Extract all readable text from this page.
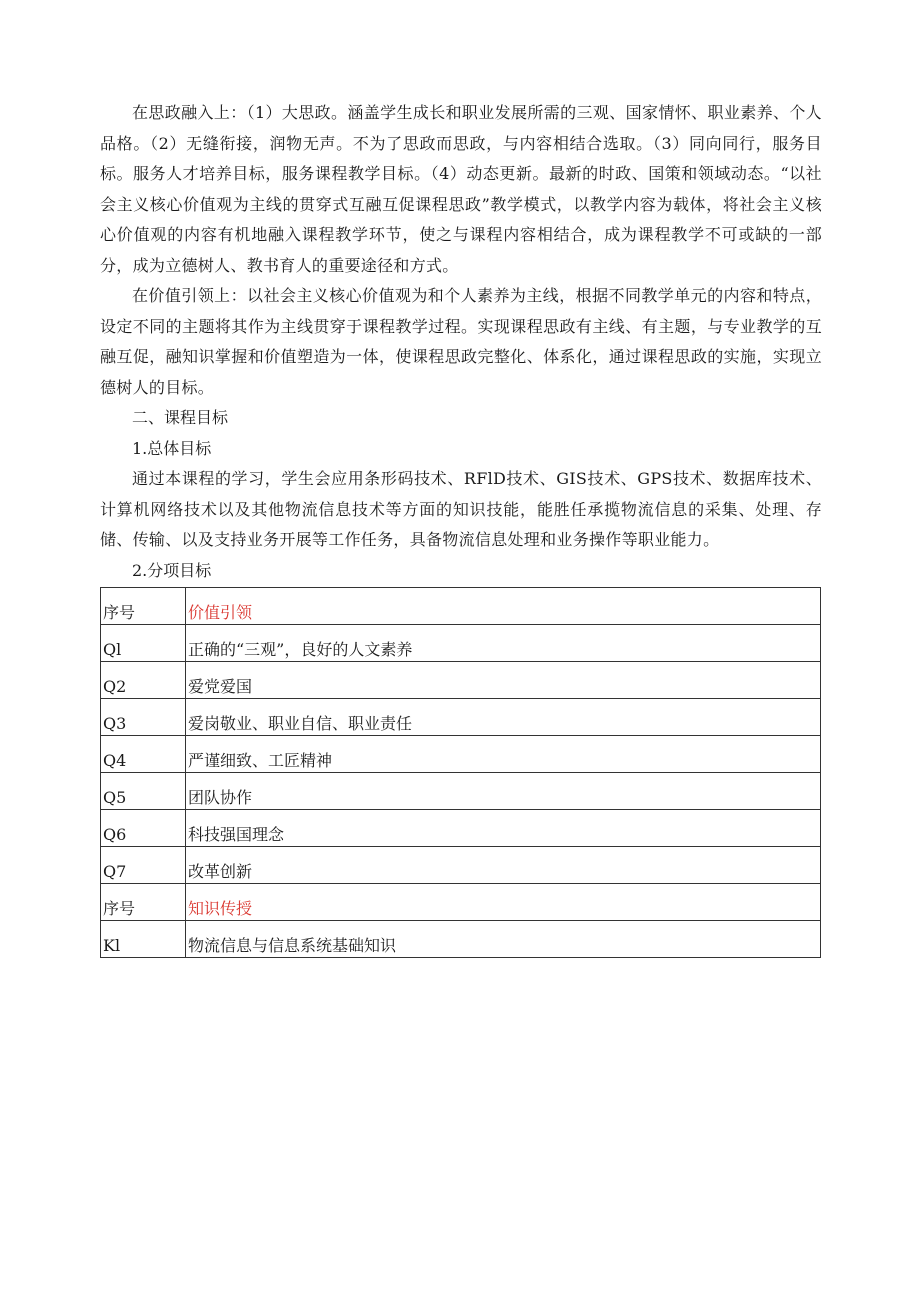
在思政融入上：（1）大思政。涵盖学生成长和职业发展所需的三观、国家情怀、职业素养、个人品格。（2）无缝衔接，润物无声。不为了思政而思政，与内容相结合选取。（3）同向同行，服务目标。服务人才培养目标，服务课程教学目标。（4）动态更新。最新的时政、国策和领域动态。“以社会主义核心价值观为主线的贯穿式互融互促课程思政”教学模式，以教学内容为载体，将社会主义核心价值观的内容有机地融入课程教学环节，使之与课程内容相结合，成为课程教学不可或缺的一部分，成为立德树人、教书育人的重要途径和方式。

在价值引领上：以社会主义核心价值观为和个人素养为主线，根据不同教学单元的内容和特点，设定不同的主题将其作为主线贯穿于课程教学过程。实现课程思政有主线、有主题，与专业教学的互融互促，融知识掌握和价值塑造为一体，使课程思政完整化、体系化，通过课程思政的实施，实现立德树人的目标。

二、课程目标

1.总体目标

通过本课程的学习，学生会应用条形码技术、RFlD技术、GIS技术、GPS技术、数据库技术、计算机网络技术以及其他物流信息技术等方面的知识技能，能胜任承揽物流信息的采集、处理、存储、传输、以及支持业务开展等工作任务，具备物流信息处理和业务操作等职业能力。

2.分项目标

序号	价值引领
Ql	正确的“三观”，良好的人文素养
Q2	爱党爱国
Q3	爱岗敬业、职业自信、职业责任
Q4	严谨细致、工匠精神
Q5	团队协作
Q6	科技强国理念
Q7	改革创新
序号	知识传授
Kl	物流信息与信息系统基础知识
